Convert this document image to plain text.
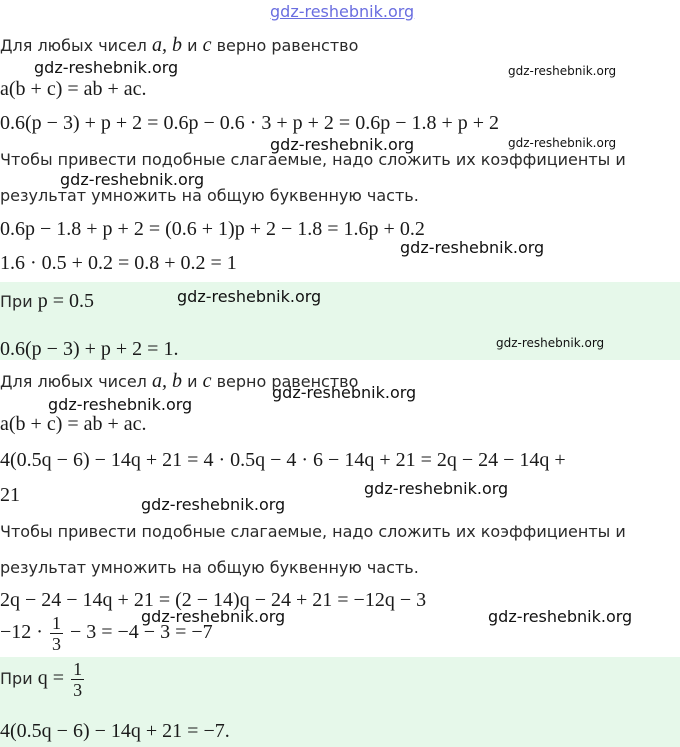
gdz-reshebnik.org
Для любых чисел a, b и c верно равенство
a(b + c) = ab + ac.
0.6(p − 3) + p + 2 = 0.6p − 0.6 · 3 + p + 2 = 0.6p − 1.8 + p + 2
Чтобы привести подобные слагаемые, надо сложить их коэффициенты и
результат умножить на общую буквенную часть.
0.6p − 1.8 + p + 2 = (0.6 + 1)p + 2 − 1.8 = 1.6p + 0.2
1.6 · 0.5 + 0.2 = 0.8 + 0.2 = 1
При p = 0.5
0.6(p − 3) + p + 2 = 1.
Для любых чисел a, b и c верно равенство
a(b + c) = ab + ac.
4(0.5q − 6) − 14q + 21 = 4 · 0.5q − 4 · 6 − 14q + 21 = 2q − 24 − 14q +
21
Чтобы привести подобные слагаемые, надо сложить их коэффициенты и
результат умножить на общую буквенную часть.
2q − 24 − 14q + 21 = (2 − 14)q − 24 + 21 = −12q − 3
$-12 \cdot \frac{1}{3} - 3 = -4 - 3 = -7$
При $q = \frac{1}{3}$
4(0.5q − 6) − 14q + 21 = −7.
gdz-reshebnik.org	gdz-reshebnik.org
gdz-reshebnik.org	gdz-reshebnik.org
gdz-reshebnik.org
gdz-reshebnik.org
gdz-reshebnik.org
gdz-reshebnik.org
gdz-reshebnik.org
gdz-reshebnik.org
gdz-reshebnik.org
gdz-reshebnik.org
gdz-reshebnik.org	gdz-reshebnik.org
